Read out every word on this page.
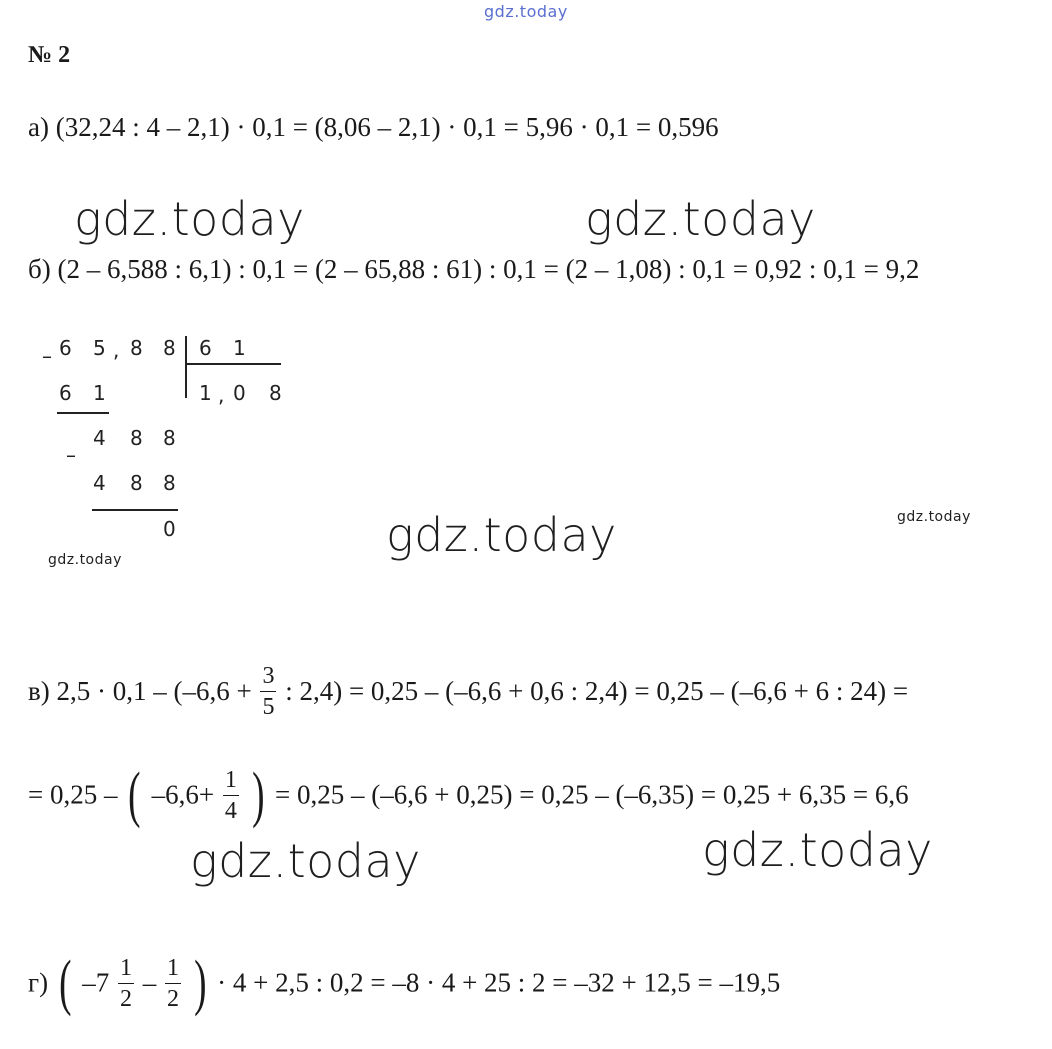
gdz.today
gdz.today	gdz.today
gdz.today	gdz.today
gdz.today
gdz.today	gdz.today
№ 2
а) (32,24 : 4 – 2,1) · 0,1 = (8,06 – 2,1) · 0,1 = 5,96 · 0,1 = 0,596
б) (2 – 6,588 : 6,1) : 0,1 = (2 – 65,88 : 61) : 0,1 = (2 – 1,08) : 0,1 = 0,92 : 0,1 = 9,2
– 6 5 , 8 8 6 1
1 , 0 8
6 1
–
4 8 8
4 8 8
0
в) $2,5 \cdot 0,1 - (-6,6 + \frac{3}{5}$ : 2,4) = 0,25 – (–6,6 + 0,6 : 2,4) = 0,25 – (–6,6 + 6 : 24) =
= 0,25 – ( $-6,6+ \frac{1}{4}$ ) = 0,25 – (–6,6 + 0,25) = 0,25 – (–6,35) = 0,25 + 6,35 = 6,6
г) ( $-7 \frac{1}{2} - \frac{1}{2}$ ) · 4 + 2,5 : 0,2 = –8 · 4 + 25 : 2 = –32 + 12,5 = –19,5
